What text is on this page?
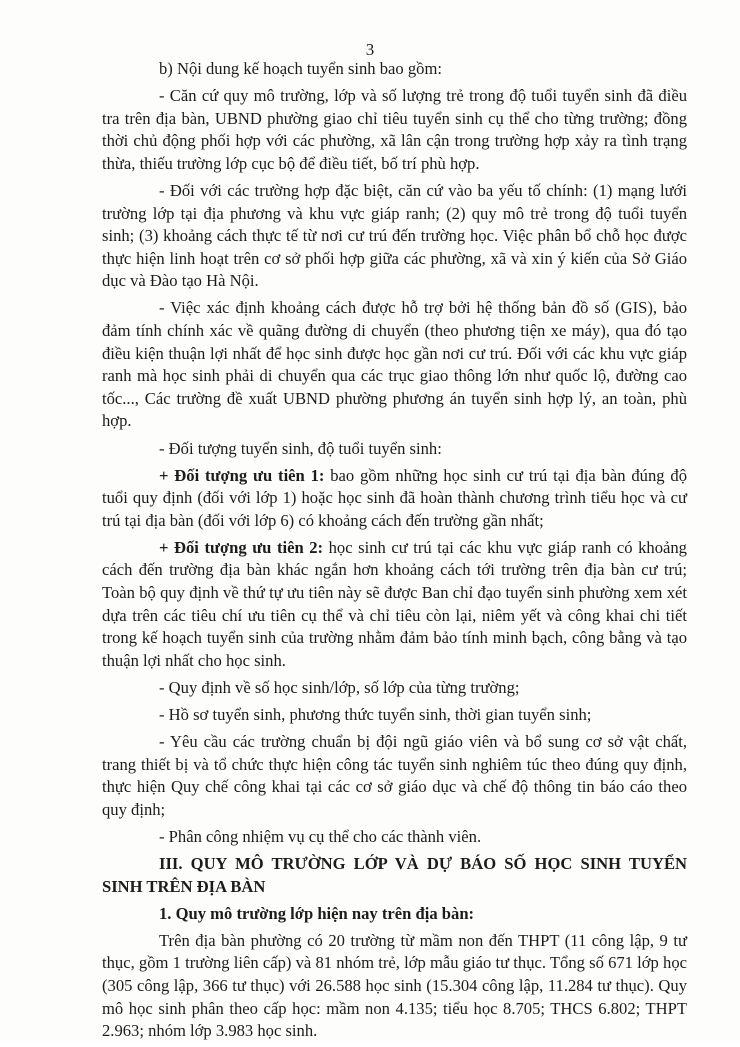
3

b) Nội dung kế hoạch tuyển sinh bao gồm:

- Căn cứ quy mô trường, lớp và số lượng trẻ trong độ tuổi tuyển sinh đã điều tra trên địa bàn, UBND phường giao chỉ tiêu tuyển sinh cụ thể cho từng trường; đồng thời chủ động phối hợp với các phường, xã lân cận trong trường hợp xảy ra tình trạng thừa, thiếu trường lớp cục bộ để điều tiết, bố trí phù hợp.

- Đối với các trường hợp đặc biệt, căn cứ vào ba yếu tố chính: (1) mạng lưới trường lớp tại địa phương và khu vực giáp ranh; (2) quy mô trẻ trong độ tuổi tuyển sinh; (3) khoảng cách thực tế từ nơi cư trú đến trường học. Việc phân bổ chỗ học được thực hiện linh hoạt trên cơ sở phối hợp giữa các phường, xã và xin ý kiến của Sở Giáo dục và Đào tạo Hà Nội.

- Việc xác định khoảng cách được hỗ trợ bởi hệ thống bản đồ số (GIS), bảo đảm tính chính xác về quãng đường di chuyển (theo phương tiện xe máy), qua đó tạo điều kiện thuận lợi nhất để học sinh được học gần nơi cư trú. Đối với các khu vực giáp ranh mà học sinh phải di chuyển qua các trục giao thông lớn như quốc lộ, đường cao tốc..., Các trường đề xuất UBND phường phương án tuyển sinh hợp lý, an toàn, phù hợp.

- Đối tượng tuyển sinh, độ tuổi tuyển sinh:

+ Đối tượng ưu tiên 1: bao gồm những học sinh cư trú tại địa bàn đúng độ tuổi quy định (đối với lớp 1) hoặc học sinh đã hoàn thành chương trình tiểu học và cư trú tại địa bàn (đối với lớp 6) có khoảng cách đến trường gần nhất;

+ Đối tượng ưu tiên 2: học sinh cư trú tại các khu vực giáp ranh có khoảng cách đến trường địa bàn khác ngắn hơn khoảng cách tới trường trên địa bàn cư trú; Toàn bộ quy định về thứ tự ưu tiên này sẽ được Ban chỉ đạo tuyển sinh phường xem xét dựa trên các tiêu chí ưu tiên cụ thể và chỉ tiêu còn lại, niêm yết và công khai chi tiết trong kế hoạch tuyển sinh của trường nhằm đảm bảo tính minh bạch, công bằng và tạo thuận lợi nhất cho học sinh.

- Quy định về số học sinh/lớp, số lớp của từng trường;

- Hồ sơ tuyển sinh, phương thức tuyển sinh, thời gian tuyển sinh;

- Yêu cầu các trường chuẩn bị đội ngũ giáo viên và bổ sung cơ sở vật chất, trang thiết bị và tổ chức thực hiện công tác tuyển sinh nghiêm túc theo đúng quy định, thực hiện Quy chế công khai tại các cơ sở giáo dục và chế độ thông tin báo cáo theo quy định;

- Phân công nhiệm vụ cụ thể cho các thành viên.

III. QUY MÔ TRƯỜNG LỚP VÀ DỰ BÁO SỐ HỌC SINH TUYỂN SINH TRÊN ĐỊA BÀN

1. Quy mô trường lớp hiện nay trên địa bàn:

Trên địa bàn phường có 20 trường từ mầm non đến THPT (11 công lập, 9 tư thục, gồm 1 trường liên cấp) và 81 nhóm trẻ, lớp mẫu giáo tư thục. Tổng số 671 lớp học (305 công lập, 366 tư thục) với 26.588 học sinh (15.304 công lập, 11.284 tư thục). Quy mô học sinh phân theo cấp học: mầm non 4.135; tiểu học 8.705; THCS 6.802; THPT 2.963; nhóm lớp 3.983 học sinh.
